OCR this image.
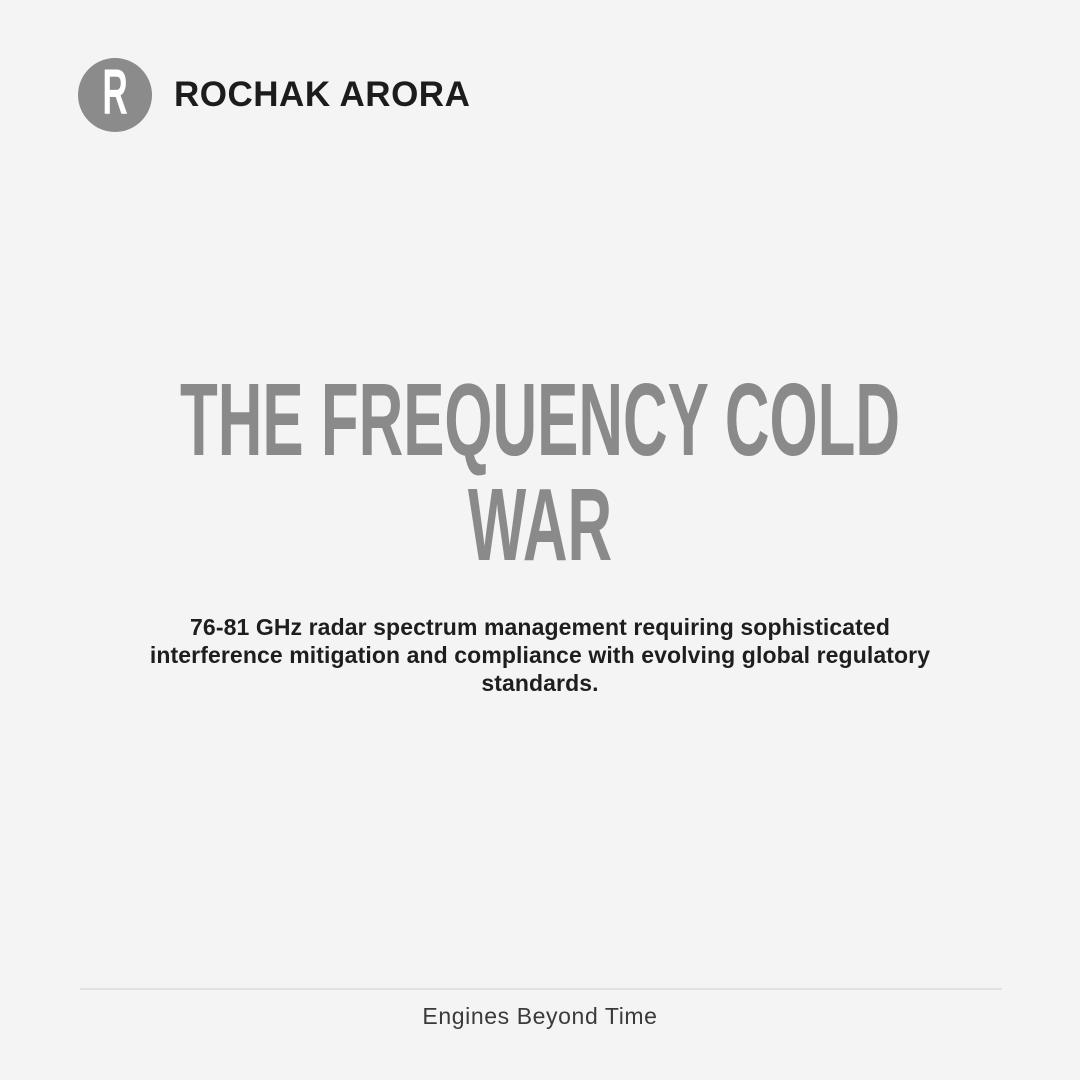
R ROCHAK ARORA
THE FREQUENCY COLD
WAR
76-81 GHz radar spectrum management requiring sophisticated interference mitigation and compliance with evolving global regulatory standards.
Engines Beyond Time
